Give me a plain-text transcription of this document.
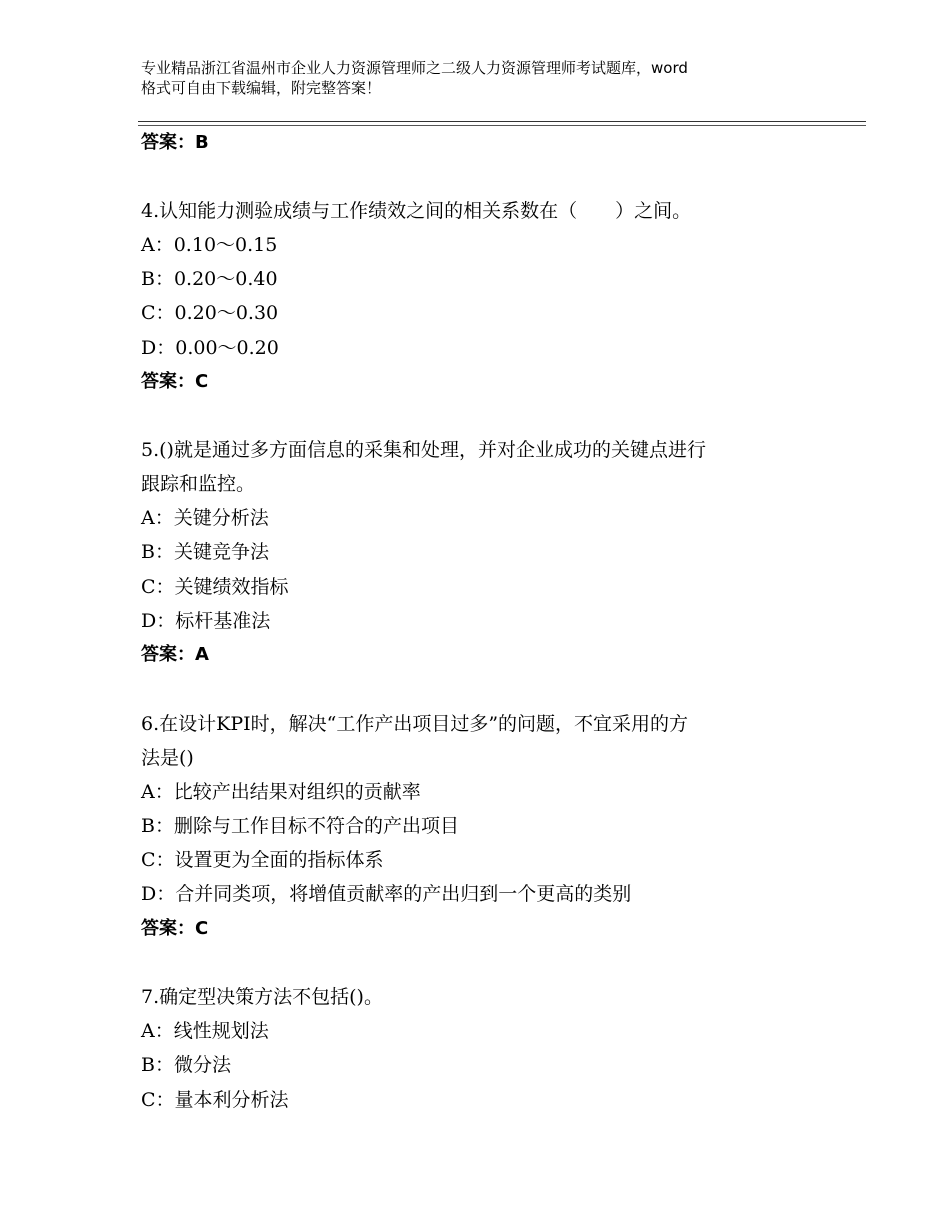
专业精品浙江省温州市企业人力资源管理师之二级人力资源管理师考试题库，word
格式可自由下载编辑，附完整答案！
答案：B
4.认知能力测验成绩与工作绩效之间的相关系数在（　　）之间。
A：0.10～0.15
B：0.20～0.40
C：0.20～0.30
D：0.00～0.20
答案：C
5.()就是通过多方面信息的采集和处理，并对企业成功的关键点进行
跟踪和监控。
A：关键分析法
B：关键竞争法
C：关键绩效指标
D：标杆基准法
答案：A
6.在设计KPI时，解决“工作产出项目过多”的问题，不宜采用的方
法是()
A：比较产出结果对组织的贡献率
B：删除与工作目标不符合的产出项目
C：设置更为全面的指标体系
D：合并同类项，将增值贡献率的产出归到一个更高的类别
答案：C
7.确定型决策方法不包括()。
A：线性规划法
B：微分法
C：量本利分析法
